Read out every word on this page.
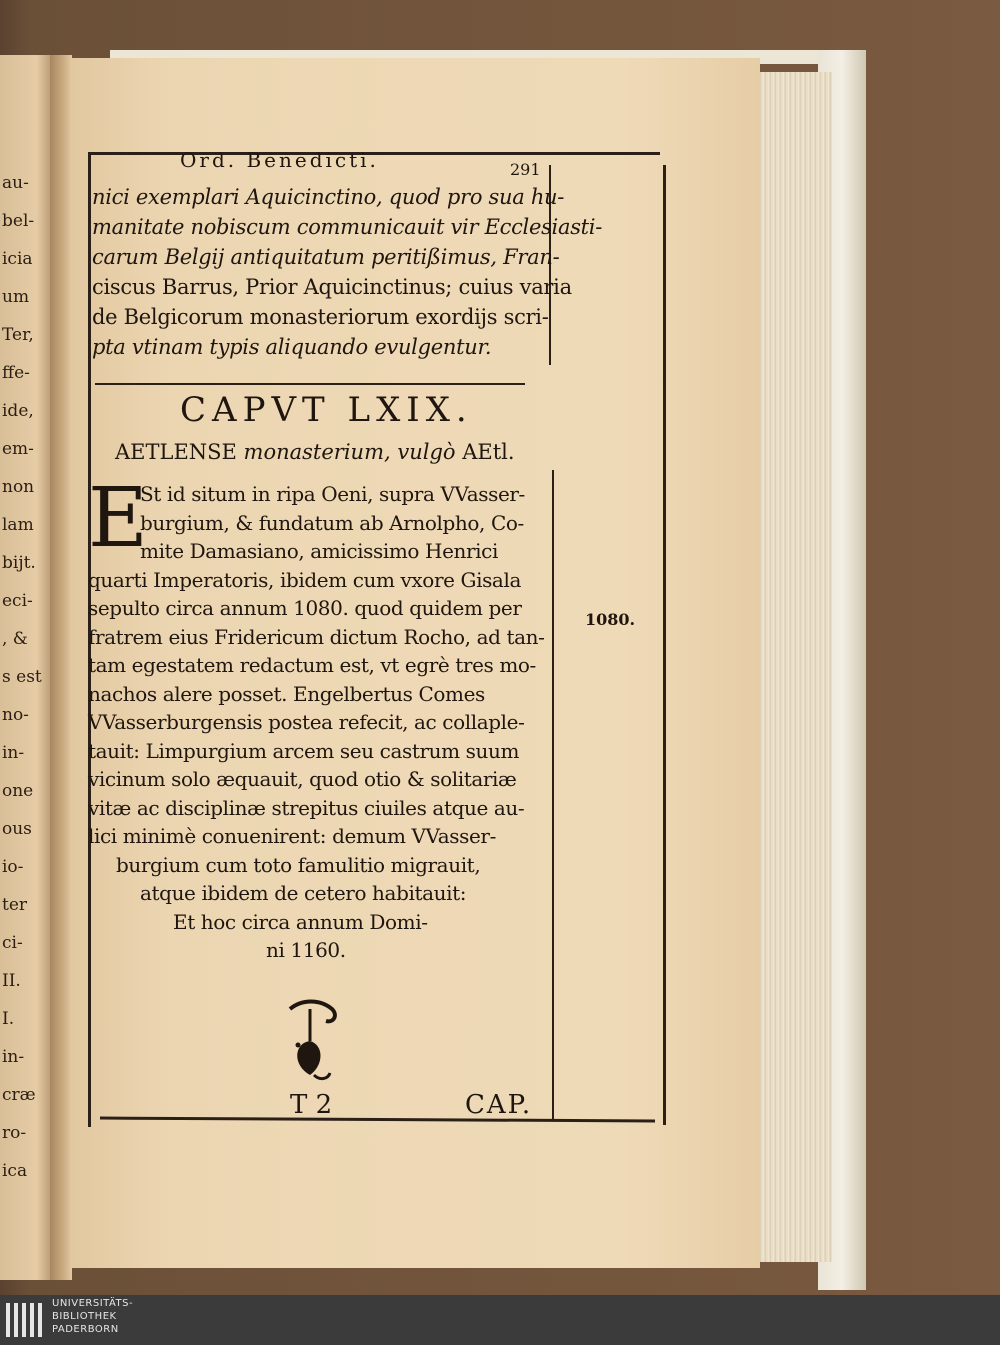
au-
bel-
icia
um
Ter,
ffe-
ide,
em-
non
lam
bijt.
eci-
, &
s est
no-
in-
one
ous
io-
ter
ci-
II.
I.
in-
cræ
ro-
ica
Ord. Benedicti.	291
nici exemplari Aquicinctino, quod pro sua hu-
manitate nobiscum communicauit vir Ecclesiasti-
carum Belgij antiquitatum peritißimus, Fran-
ciscus Barrus, Prior Aquicinctinus; cuius varia
de Belgicorum monasteriorum exordijs scri-
pta vtinam typis aliquando evulgentur.
CAPVT LXIX.
AETLENSE monasterium, vulgò AEtl.
E
St id situm in ripa Oeni, supra VVasser-
burgium, & fundatum ab Arnolpho, Co-
mite Damasiano, amicissimo Henrici
quarti Imperatoris, ibidem cum vxore Gisala
sepulto circa annum 1080. quod quidem per
fratrem eius Fridericum dictum Rocho, ad tan-
tam egestatem redactum est, vt egrè tres mo-
nachos alere posset. Engelbertus Comes
VVasserburgensis postea refecit, ac collaple-
tauit: Limpurgium arcem seu castrum suum
vicinum solo æquauit, quod otio & solitariæ
vitæ ac disciplinæ strepitus ciuiles atque au-
lici minimè conuenirent: demum VVasser-
burgium cum toto famulitio migrauit,
atque ibidem de cetero habitauit:
Et hoc circa annum Domi-
ni 1160.
1080.
T 2	CAP.
UNIVERSITÄTS-
BIBLIOTHEK
PADERBORN
